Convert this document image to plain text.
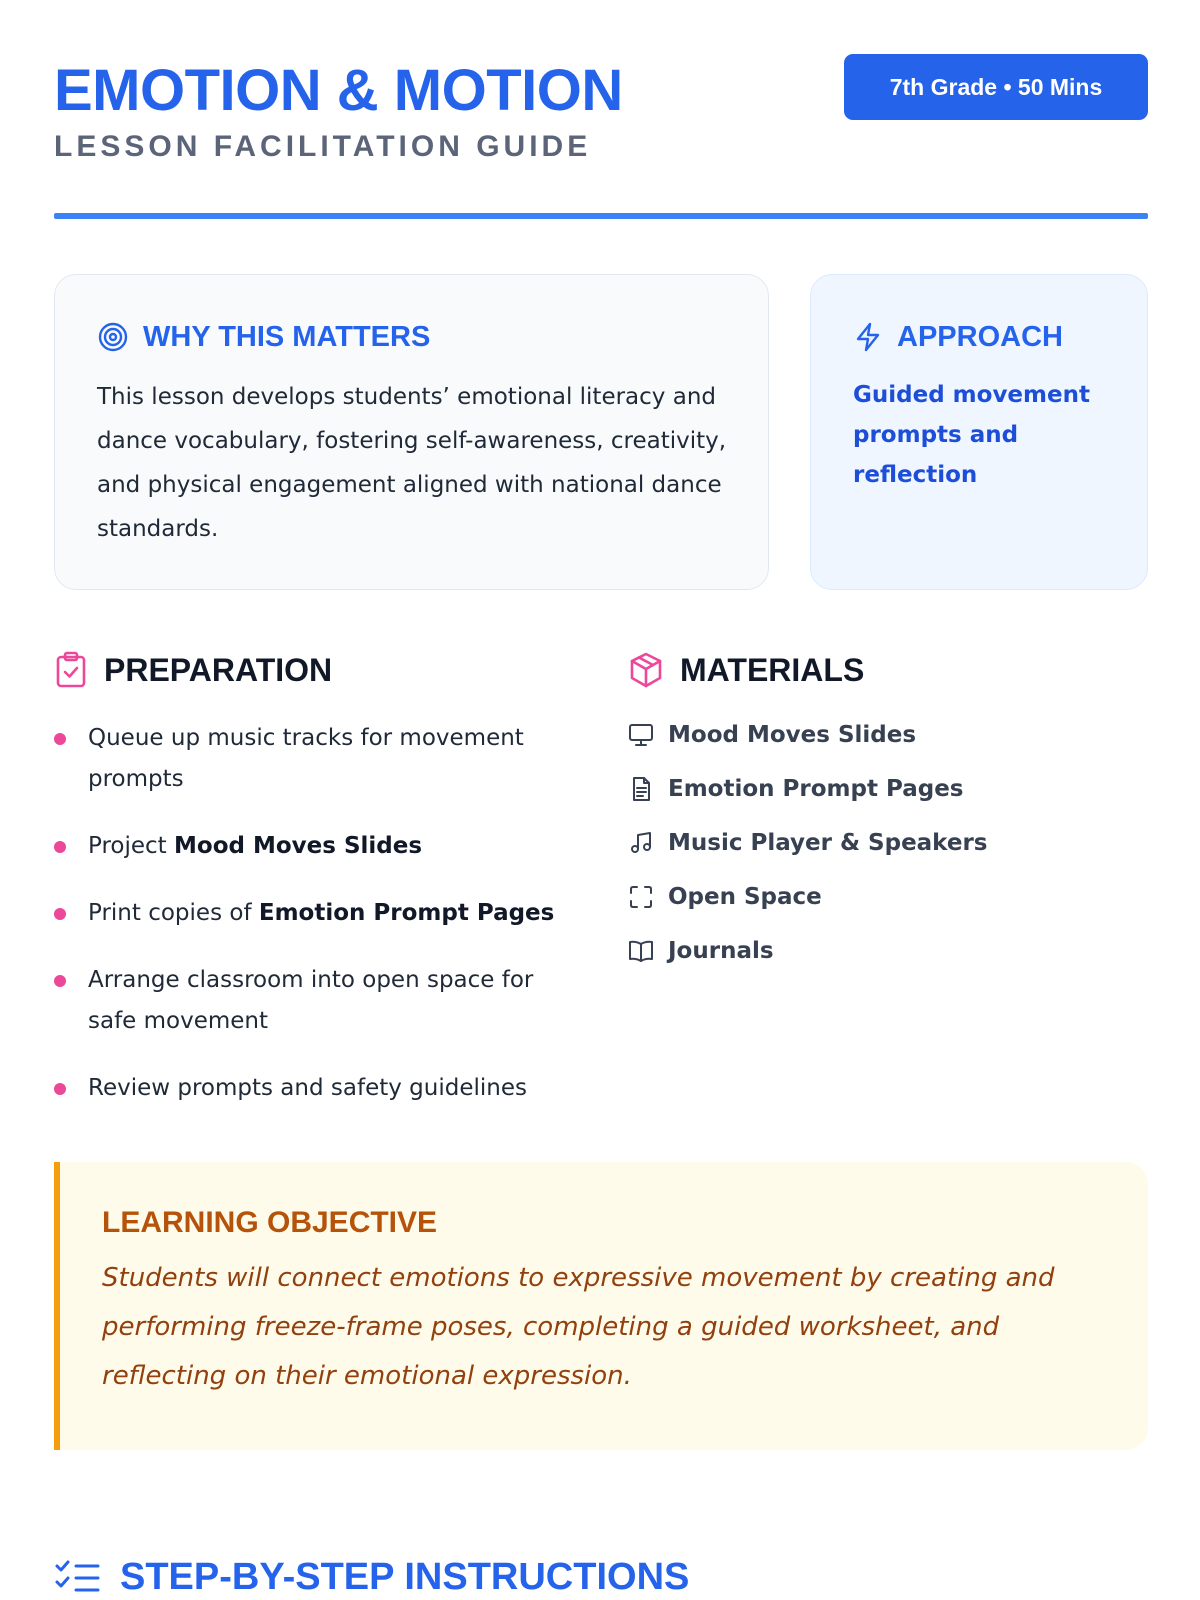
EMOTION & MOTION
LESSON FACILITATION GUIDE
7th Grade • 50 Mins
WHY THIS MATTERS

This lesson develops students’ emotional literacy and dance vocabulary, fostering self-awareness, creativity, and physical engagement aligned with national dance standards.

APPROACH

Guided movement prompts and reflection

PREPARATION
Queue up music tracks for movement prompts
Project Mood Moves Slides
Print copies of Emotion Prompt Pages
Arrange classroom into open space for safe movement
Review prompts and safety guidelines
MATERIALS
Mood Moves Slides
Emotion Prompt Pages
Music Player & Speakers
Open Space
Journals
LEARNING OBJECTIVE

Students will connect emotions to expressive movement by creating and performing freeze-frame poses, completing a guided worksheet, and reflecting on their emotional expression.

STEP-BY-STEP INSTRUCTIONS
